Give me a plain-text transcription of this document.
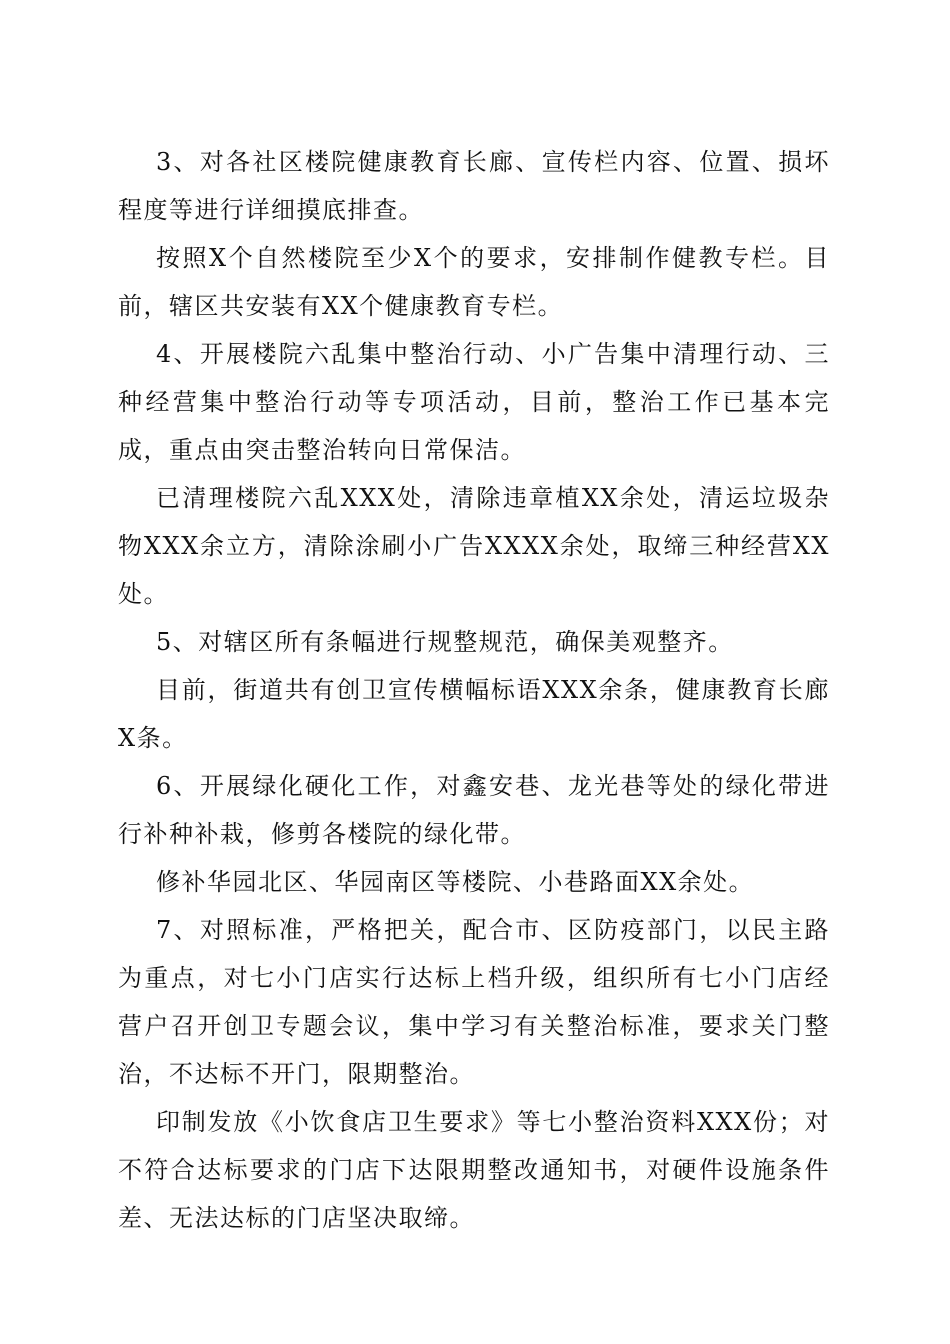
3、对各社区楼院健康教育长廊、宣传栏内容、位置、损坏程度等进行详细摸底排查。

按照X个自然楼院至少X个的要求，安排制作健教专栏。目前，辖区共安装有XX个健康教育专栏。

4、开展楼院六乱集中整治行动、小广告集中清理行动、三种经营集中整治行动等专项活动，目前，整治工作已基本完成，重点由突击整治转向日常保洁。

已清理楼院六乱XXX处，清除违章植XX余处，清运垃圾杂物XXX余立方，清除涂刷小广告XXXX余处，取缔三种经营XX处。

5、对辖区所有条幅进行规整规范，确保美观整齐。

目前，街道共有创卫宣传横幅标语XXX余条，健康教育长廊X条。

6、开展绿化硬化工作，对鑫安巷、龙光巷等处的绿化带进行补种补栽，修剪各楼院的绿化带。

修补华园北区、华园南区等楼院、小巷路面XX余处。

7、对照标准，严格把关，配合市、区防疫部门，以民主路为重点，对七小门店实行达标上档升级，组织所有七小门店经营户召开创卫专题会议，集中学习有关整治标准，要求关门整治，不达标不开门，限期整治。

印制发放《小饮食店卫生要求》等七小整治资料XXX份；对不符合达标要求的门店下达限期整改通知书，对硬件设施条件差、无法达标的门店坚决取缔。
